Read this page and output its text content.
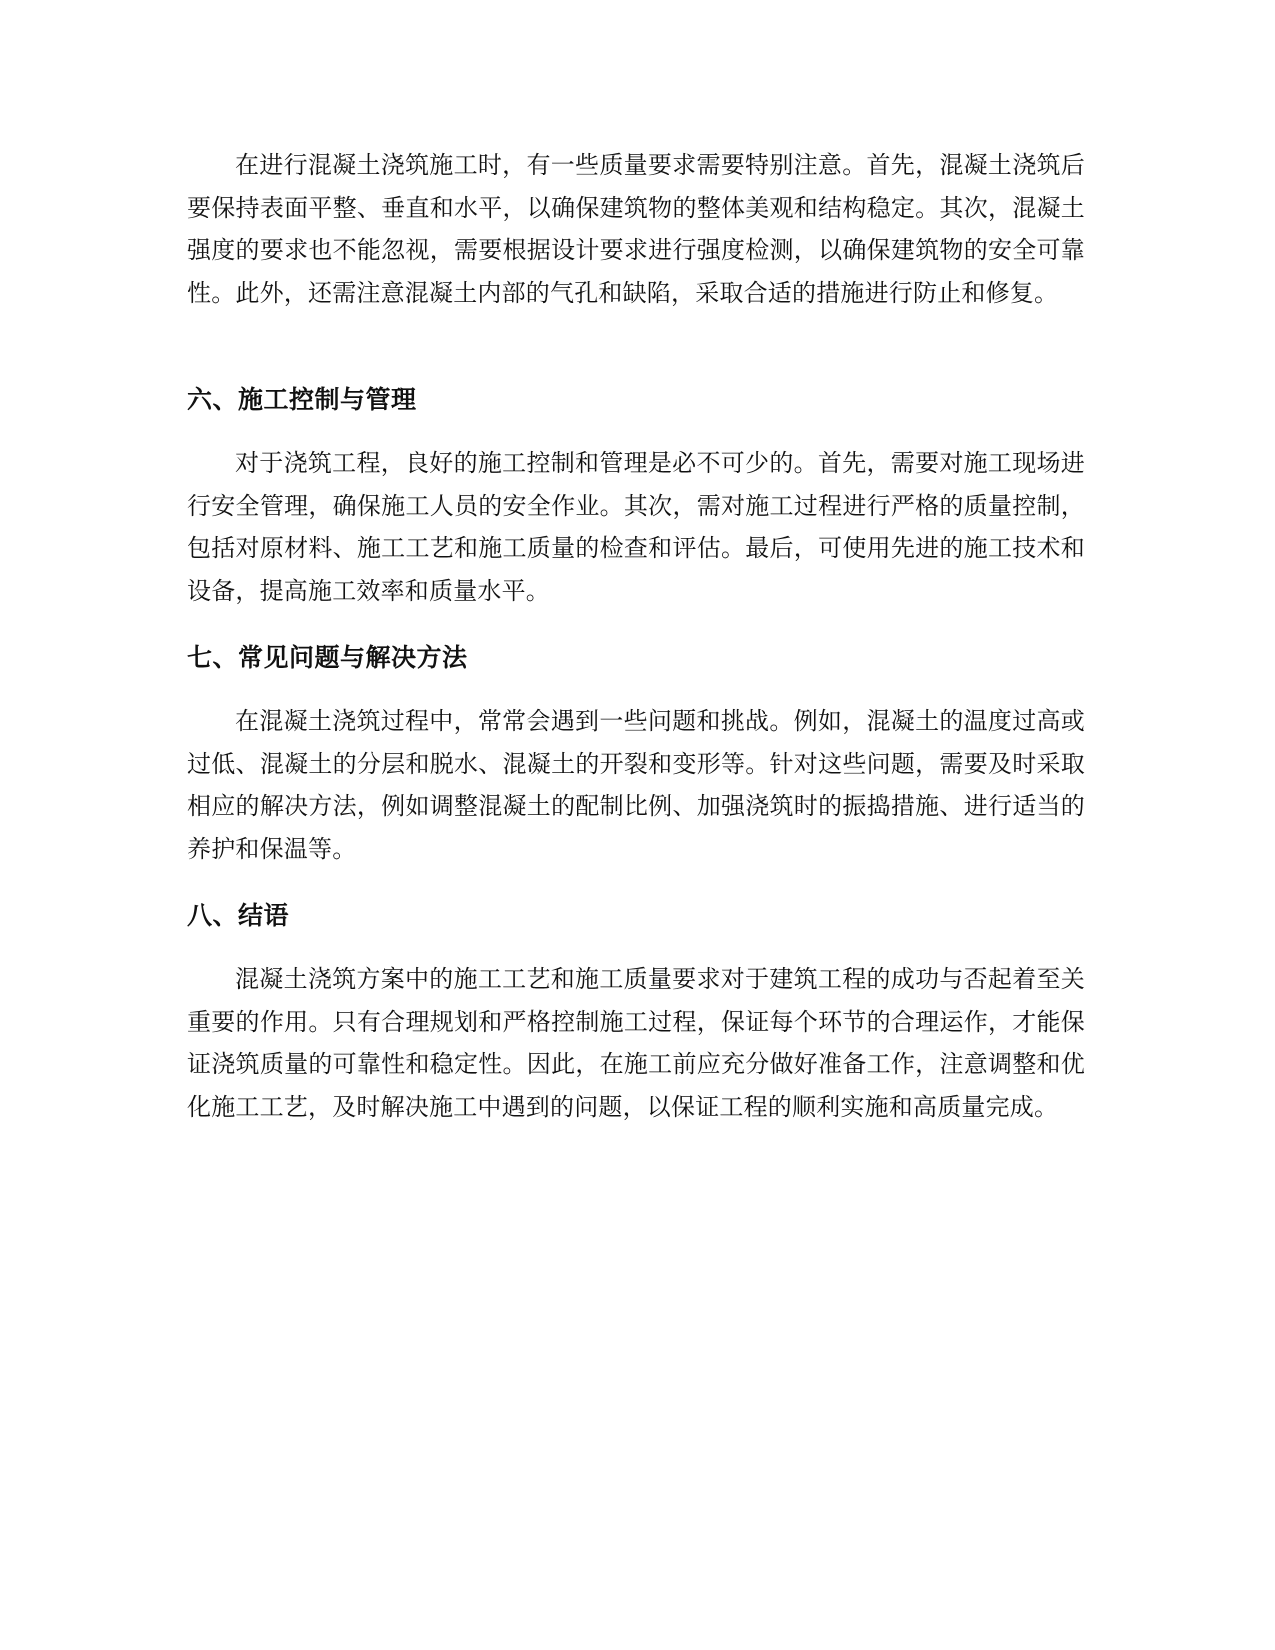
在进行混凝土浇筑施工时，有一些质量要求需要特别注意。首先，混凝土浇筑后要保持表面平整、垂直和水平，以确保建筑物的整体美观和结构稳定。其次，混凝土强度的要求也不能忽视，需要根据设计要求进行强度检测，以确保建筑物的安全可靠性。此外，还需注意混凝土内部的气孔和缺陷，采取合适的措施进行防止和修复。

六、施工控制与管理

对于浇筑工程，良好的施工控制和管理是必不可少的。首先，需要对施工现场进行安全管理，确保施工人员的安全作业。其次，需对施工过程进行严格的质量控制，包括对原材料、施工工艺和施工质量的检查和评估。最后，可使用先进的施工技术和设备，提高施工效率和质量水平。

七、常见问题与解决方法

在混凝土浇筑过程中，常常会遇到一些问题和挑战。例如，混凝土的温度过高或过低、混凝土的分层和脱水、混凝土的开裂和变形等。针对这些问题，需要及时采取相应的解决方法，例如调整混凝土的配制比例、加强浇筑时的振捣措施、进行适当的养护和保温等。

八、结语

混凝土浇筑方案中的施工工艺和施工质量要求对于建筑工程的成功与否起着至关重要的作用。只有合理规划和严格控制施工过程，保证每个环节的合理运作，才能保证浇筑质量的可靠性和稳定性。因此，在施工前应充分做好准备工作，注意调整和优化施工工艺，及时解决施工中遇到的问题，以保证工程的顺利实施和高质量完成。
